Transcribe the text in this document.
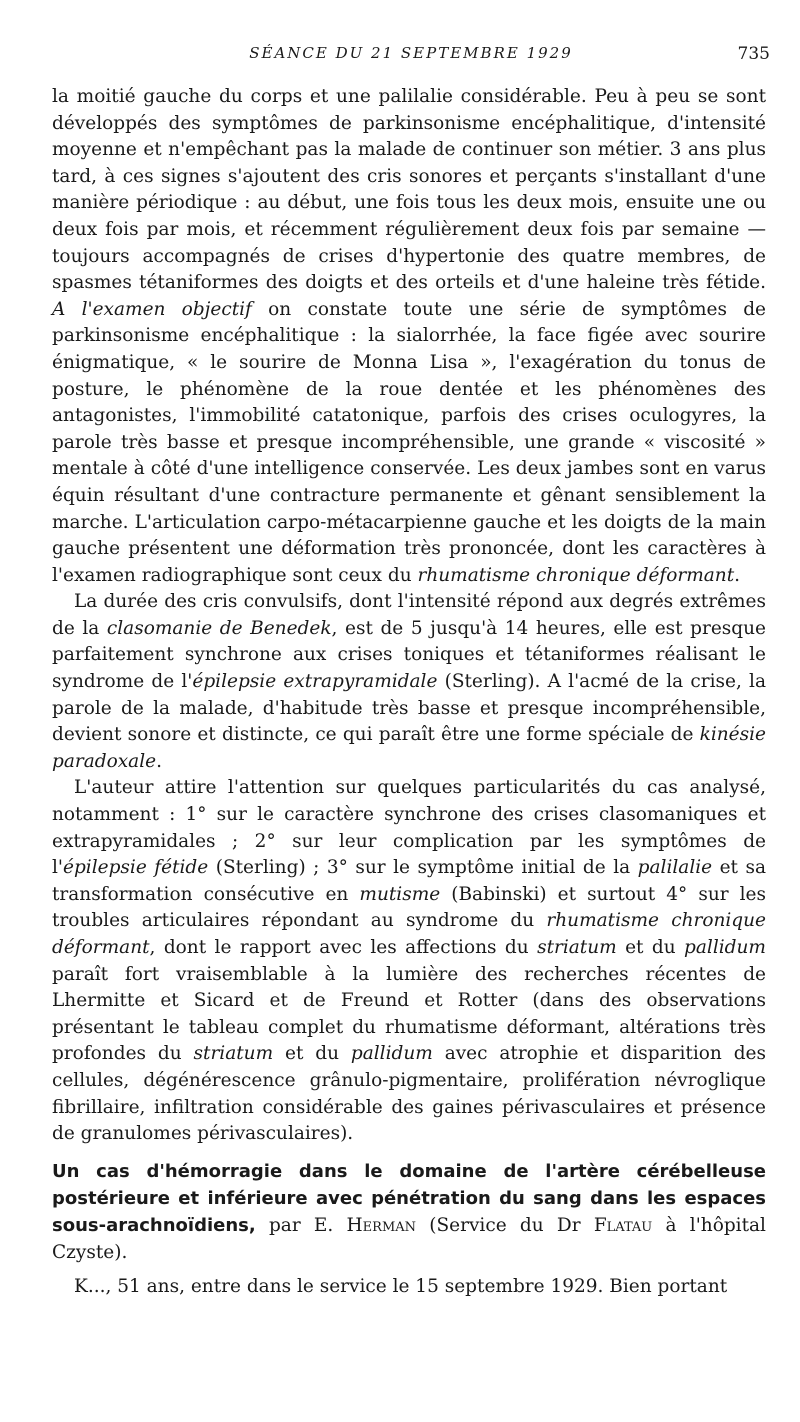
SÉANCE DU 21 SEPTEMBRE 1929	735

la moitié gauche du corps et une palilalie considérable. Peu à peu se sont développés des symptômes de parkinsonisme encéphalitique, d'intensité moyenne et n'empêchant pas la malade de continuer son métier. 3 ans plus tard, à ces signes s'ajoutent des cris sonores et perçants s'installant d'une manière périodique : au début, une fois tous les deux mois, ensuite une ou deux fois par mois, et récemment régulièrement deux fois par semaine — toujours accompagnés de crises d'hypertonie des quatre membres, de spasmes tétaniformes des doigts et des orteils et d'une haleine très fétide. A l'examen objectif on constate toute une série de symptômes de parkinsonisme encéphalitique : la sialorrhée, la face figée avec sourire énigmatique, « le sourire de Monna Lisa », l'exagération du tonus de posture, le phénomène de la roue dentée et les phénomènes des antagonistes, l'immobilité catatonique, parfois des crises oculogyres, la parole très basse et presque incompréhensible, une grande « viscosité » mentale à côté d'une intelligence conservée. Les deux jambes sont en varus équin résultant d'une contracture permanente et gênant sensiblement la marche. L'articulation carpo-métacarpienne gauche et les doigts de la main gauche présentent une déformation très prononcée, dont les caractères à l'examen radiographique sont ceux du rhumatisme chronique déformant.

La durée des cris convulsifs, dont l'intensité répond aux degrés extrêmes de la clasomanie de Benedek, est de 5 jusqu'à 14 heures, elle est presque parfaitement synchrone aux crises toniques et tétaniformes réalisant le syndrome de l'épilepsie extrapyramidale (Sterling). A l'acmé de la crise, la parole de la malade, d'habitude très basse et presque incompréhensible, devient sonore et distincte, ce qui paraît être une forme spéciale de kinésie paradoxale.

L'auteur attire l'attention sur quelques particularités du cas analysé, notamment : 1° sur le caractère synchrone des crises clasomaniques et extrapyramidales ; 2° sur leur complication par les symptômes de l'épilepsie fétide (Sterling) ; 3° sur le symptôme initial de la palilalie et sa transformation consécutive en mutisme (Babinski) et surtout 4° sur les troubles articulaires répondant au syndrome du rhumatisme chronique déformant, dont le rapport avec les affections du striatum et du pallidum paraît fort vraisemblable à la lumière des recherches récentes de Lhermitte et Sicard et de Freund et Rotter (dans des observations présentant le tableau complet du rhumatisme déformant, altérations très profondes du striatum et du pallidum avec atrophie et disparition des cellules, dégénérescence grânulo-pigmentaire, prolifération névroglique fibrillaire, infiltration considérable des gaines périvasculaires et présence de granulomes périvasculaires).

Un cas d'hémorragie dans le domaine de l'artère cérébelleuse postérieure et inférieure avec pénétration du sang dans les espaces sous-arachnoïdiens, par E. Herman (Service du Dr Flatau à l'hôpital Czyste).

K..., 51 ans, entre dans le service le 15 septembre 1929. Bien portant
